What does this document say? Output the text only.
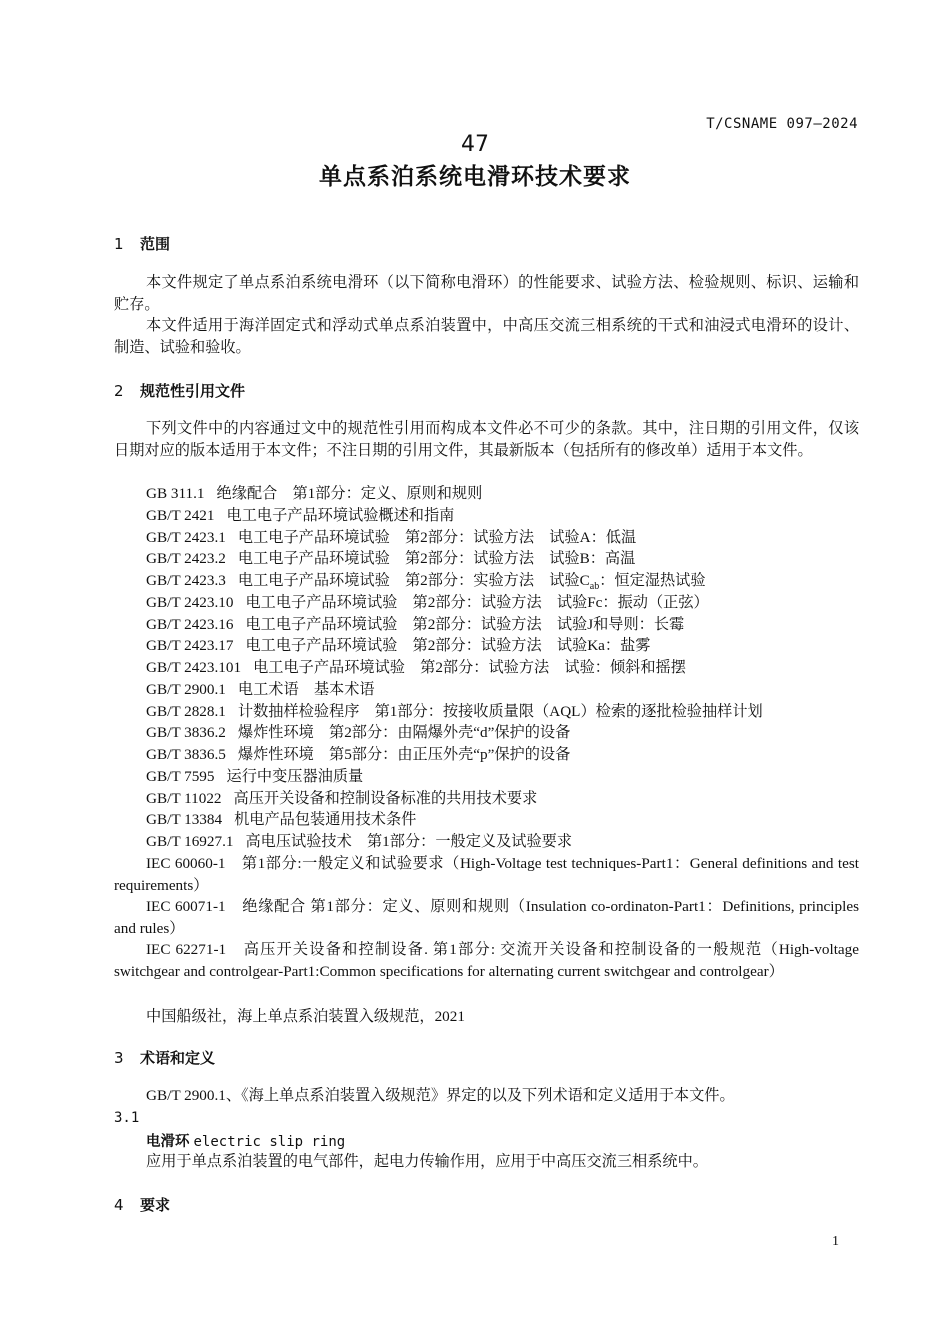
T/CSNAME 097—2024
47
单点系泊系统电滑环技术要求
1 范围
本文件规定了单点系泊系统电滑环（以下简称电滑环）的性能要求、试验方法、检验规则、标识、运输和贮存。
本文件适用于海洋固定式和浮动式单点系泊装置中，中高压交流三相系统的干式和油浸式电滑环的设计、制造、试验和验收。
2 规范性引用文件
下列文件中的内容通过文中的规范性引用而构成本文件必不可少的条款。其中，注日期的引用文件，仅该日期对应的版本适用于本文件；不注日期的引用文件，其最新版本（包括所有的修改单）适用于本文件。
GB 311.1 绝缘配合　第1部分：定义、原则和规则
GB/T 2421 电工电子产品环境试验概述和指南
GB/T 2423.1 电工电子产品环境试验　第2部分：试验方法　试验A：低温
GB/T 2423.2 电工电子产品环境试验　第2部分：试验方法　试验B：高温
GB/T 2423.3 电工电子产品环境试验　第2部分：实验方法　试验$C_{ab}$：恒定湿热试验
GB/T 2423.10 电工电子产品环境试验　第2部分：试验方法　试验Fc：振动（正弦）
GB/T 2423.16 电工电子产品环境试验　第2部分：试验方法　试验J和导则：长霉
GB/T 2423.17 电工电子产品环境试验　第2部分：试验方法　试验Ka：盐雾
GB/T 2423.101 电工电子产品环境试验　第2部分：试验方法　试验：倾斜和摇摆
GB/T 2900.1 电工术语　基本术语
GB/T 2828.1 计数抽样检验程序　第1部分：按接收质量限（AQL）检索的逐批检验抽样计划
GB/T 3836.2 爆炸性环境　第2部分：由隔爆外壳“d”保护的设备
GB/T 3836.5 爆炸性环境　第5部分：由正压外壳“p”保护的设备
GB/T 7595 运行中变压器油质量
GB/T 11022 高压开关设备和控制设备标准的共用技术要求
GB/T 13384 机电产品包装通用技术条件
GB/T 16927.1 高电压试验技术　第1部分：一般定义及试验要求
IEC 60060-1　第1部分:一般定义和试验要求（High-Voltage test techniques-Part1：General definitions and test requirements）
IEC 60071-1　绝缘配合 第1部分：定义、原则和规则（Insulation co-ordinaton-Part1：Definitions, principles and rules）
IEC 62271-1　高压开关设备和控制设备. 第1部分: 交流开关设备和控制设备的一般规范（High-voltage switchgear and controlgear-Part1:Common specifications for alternating current switchgear and controlgear）
中国船级社，海上单点系泊装置入级规范，2021
3 术语和定义
GB/T 2900.1、《海上单点系泊装置入级规范》界定的以及下列术语和定义适用于本文件。
3.1
电滑环 electric slip ring
应用于单点系泊装置的电气部件，起电力传输作用，应用于中高压交流三相系统中。
4 要求
1
